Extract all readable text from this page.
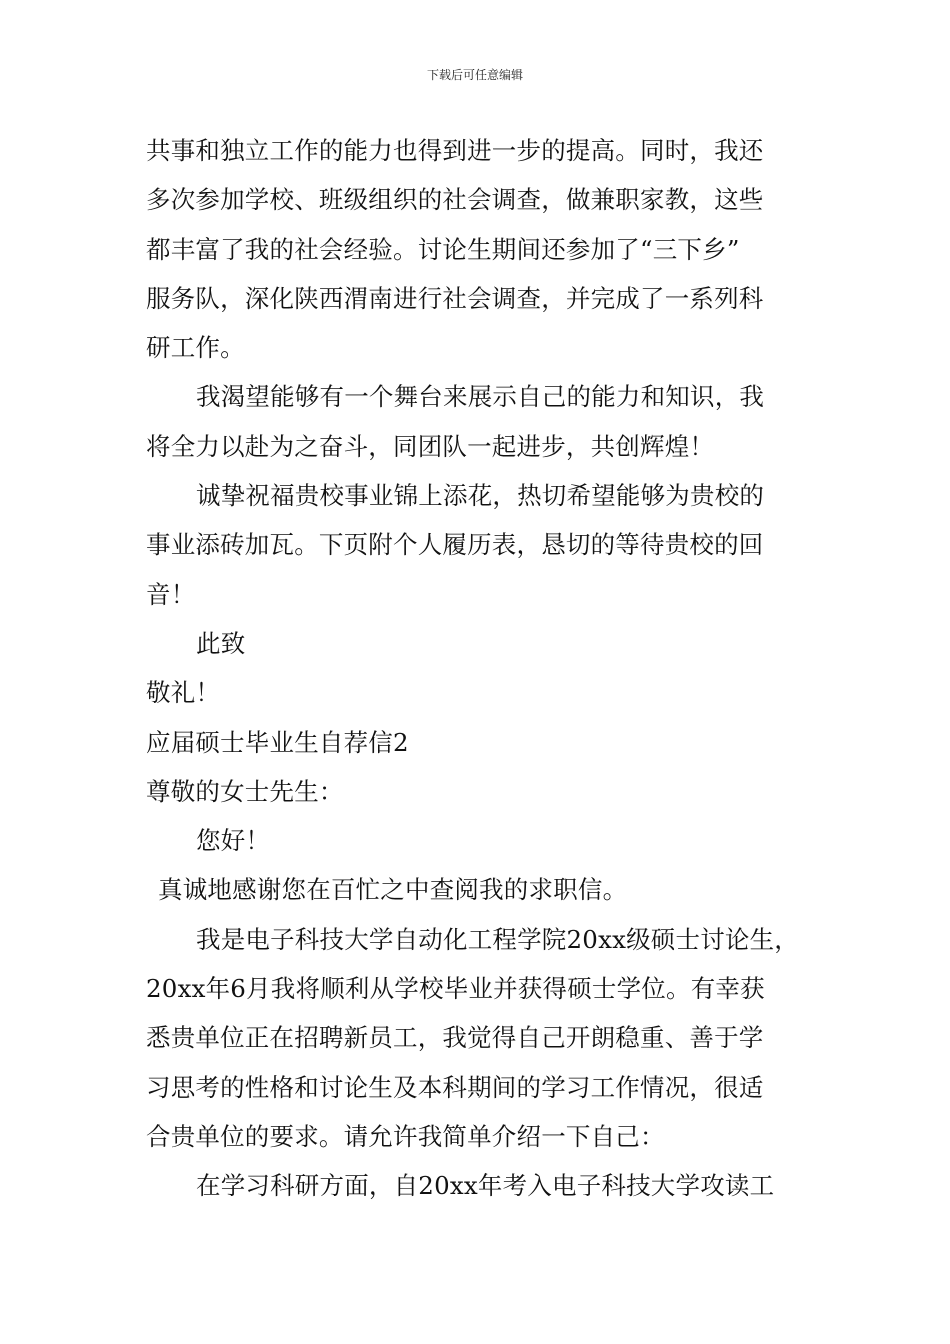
下载后可任意编辑
共事和独立工作的能力也得到进一步的提高。同时，我还
多次参加学校、班级组织的社会调查，做兼职家教，这些
都丰富了我的社会经验。讨论生期间还参加了“三下乡”
服务队，深化陕西渭南进行社会调查，并完成了一系列科
研工作。
我渴望能够有一个舞台来展示自己的能力和知识，我
将全力以赴为之奋斗，同团队一起进步，共创辉煌！
诚挚祝福贵校事业锦上添花，热切希望能够为贵校的
事业添砖加瓦。下页附个人履历表，恳切的等待贵校的回
音！
此致
敬礼！
应届硕士毕业生自荐信2
尊敬的女士先生：
您好！
真诚地感谢您在百忙之中查阅我的求职信。
我是电子科技大学自动化工程学院20xx级硕士讨论生，
20xx年6月我将顺利从学校毕业并获得硕士学位。有幸获
悉贵单位正在招聘新员工，我觉得自己开朗稳重、善于学
习思考的性格和讨论生及本科期间的学习工作情况，很适
合贵单位的要求。请允许我简单介绍一下自己：
在学习科研方面，自20xx年考入电子科技大学攻读工
